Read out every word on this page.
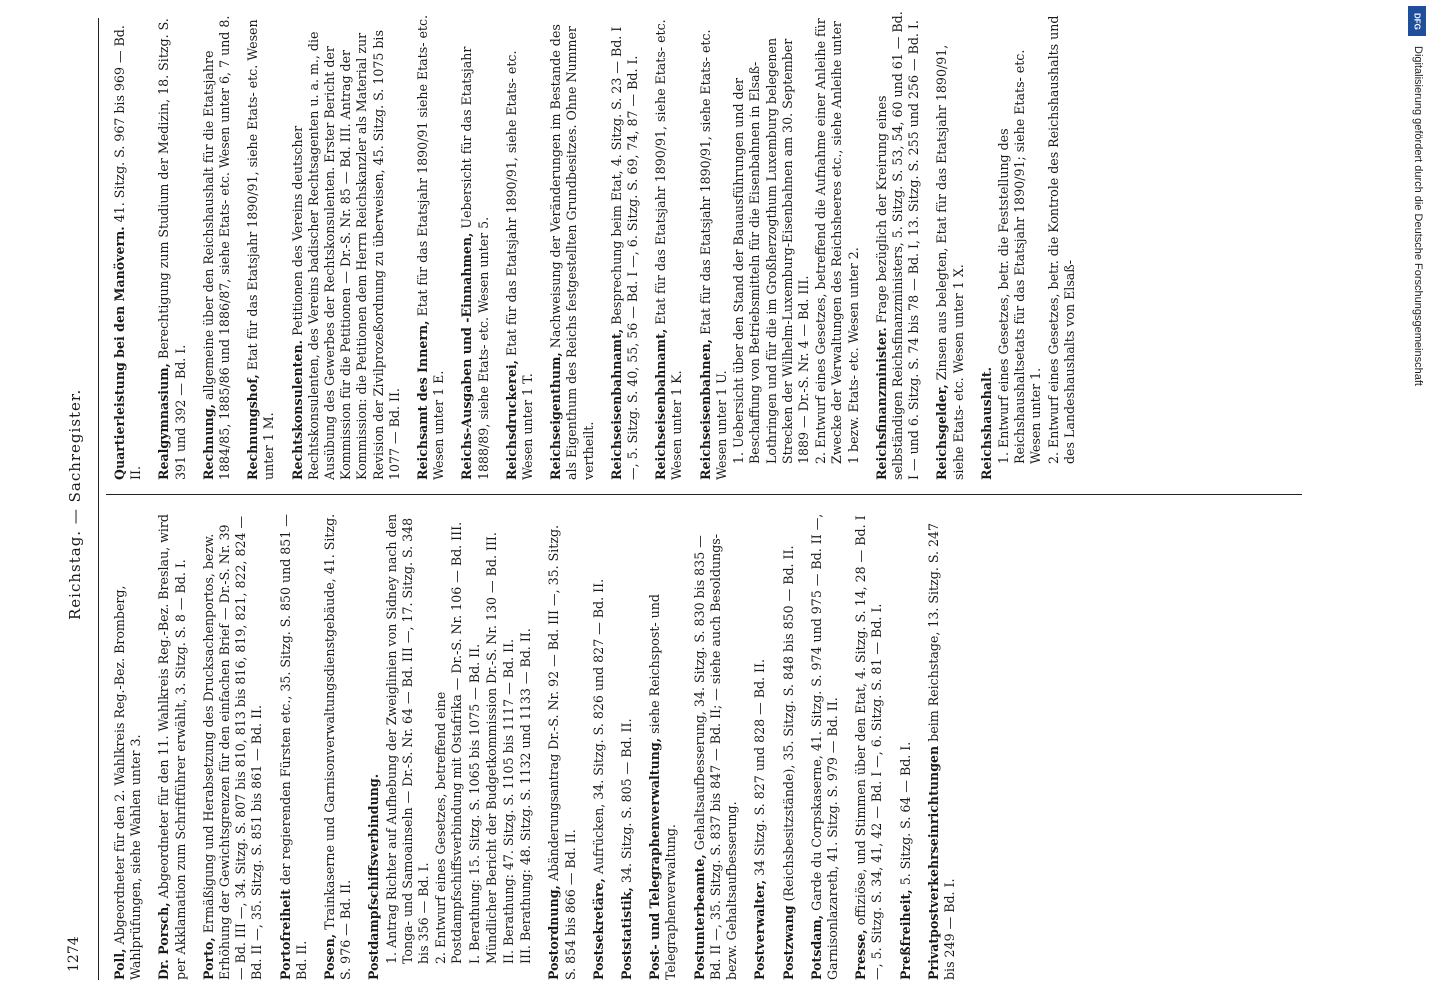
1274
Reichstag. — Sachregister.
Poll, Abgeordneter für den 2. Wahlkreis Reg.-Bez. Bromberg, Wahlprüfungen, siehe Wahlen unter 3. Dr. Porsch, Abgeordneter für den 11. Wahlkreis Reg.-Bez. Breslau, wird per Akklamation zum Schriftführer erwählt, 3. Sitzg. S. 8 — Bd. I. Porto, Ermäßigung und Herabsetzung des Drucksachenportos, bezw. Erhöhung der Gewichtsgrenzen für den einfachen Brief — Dr.-S. Nr. 39 — Bd. III —, 34. Sitzg. S. 807 bis 810, 813 bis 816, 819, 821, 822, 824 — Bd. II —, 35. Sitzg. S. 851 bis 861 — Bd. II. Portofreiheit der regierenden Fürsten etc., 35. Sitzg. S. 850 und 851 — Bd. II. Posen, Trainkaserne und Garnisonverwaltungsdienstgebäude, 41. Sitzg. S. 976 — Bd. II. Postdampfschiffsverbindung. 1. Antrag Richter auf Aufhebung der Zweiglinien von Sidney nach den Tonga- und Samoainseln — Dr.-S. Nr. 64 — Bd. III —, 17. Sitzg. S. 348 bis 356 — Bd. I. 2. Entwurf eines Gesetzes, betreffend eine Postdampfschiffsverbindung mit Ostafrika — Dr.-S. Nr. 106 — Bd. III. I. Berathung: 15. Sitzg. S. 1065 bis 1075 — Bd. II. Mündlicher Bericht der Budgetkommission Dr.-S. Nr. 130 — Bd. III. II. Berathung: 47. Sitzg. S. 1105 bis 1117 — Bd. II. III. Berathung: 48. Sitzg. S. 1132 und 1133 — Bd. II. Postordnung, Abänderungsantrag Dr.-S. Nr. 92 — Bd. III —, 35. Sitzg. S. 854 bis 866 — Bd. II. Postsekretäre, Aufrücken, 34. Sitzg. S. 826 und 827 — Bd. II.
Poststatistik, 34. Sitzg. S. 805 — Bd. II. Post- und Telegraphenverwaltung, siehe Reichspost- und Telegraphenverwaltung. Postunterbeamte, Gehaltsaufbesserung, 34. Sitzg. S. 830 bis 835 — Bd. II —, 35. Sitzg. S. 837 bis 847 — Bd. II; — siehe auch Besoldungs- bezw. Gehaltsaufbesserung. Postverwalter, 34 Sitzg. S. 827 und 828 — Bd. II.
Postzwang (Reichsbesitzstände), 35. Sitzg. S. 848 bis 850 — Bd. II.
Potsdam, Garde du Corpskaserne, 41. Sitzg. S. 974 und 975 — Bd. II —, Garnisonlazareth, 41. Sitzg. S. 979 — Bd. II. Presse, offiziöse, und Stimmen über den Etat, 4. Sitzg. S. 14, 28 — Bd. I —, 5. Sitzg. S. 34, 41, 42 — Bd. I —, 6. Sitzg. S. 81 — Bd. I. Preßfreiheit, 5. Sitzg. S. 64 — Bd. I. Privatpostverkehrseinrichtungen beim Reichstage, 13. Sitzg. S. 247 bis 249 — Bd. I.
Quartierleistung bei den Manövern. 41. Sitzg. S. 967 bis 969 — Bd. II. Realgymnasium, Berechtigung zum Studium der Medizin, 18. Sitzg. S. 391 und 392 — Bd. I. Rechnung, allgemeine über den Reichshaushalt für die Etatsjahre 1884/85, 1885/86 und 1886/87, siehe Etats- etc. Wesen unter 6, 7 und 8. Rechnungshof, Etat für das Etatsjahr 1890/91, siehe Etats- etc. Wesen unter 1 M. Rechtskonsulenten. Petitionen des Vereins deutscher Rechtskonsulenten, des Vereins badischer Rechtsagenten u. a. m., die Ausübung des Gewerbes der Rechtskonsulenten. Erster Bericht der Kommission für die Petitionen — Dr.-S. Nr. 85 — Bd. III. Antrag der Kommission: die Petitionen dem Herrn Reichskanzler als Material zur Revision der Zivilprozeßordnung zu überweisen, 45. Sitzg. S. 1075 bis 1077 — Bd. II. Reichsamt des Innern, Etat für das Etatsjahr 1890/91 siehe Etats- etc. Wesen unter 1 E. Reichs-Ausgaben und -Einnahmen, Uebersicht für das Etatsjahr 1888/89, siehe Etats- etc. Wesen unter 5. Reichsdruckerei, Etat für das Etatsjahr 1890/91, siehe Etats- etc. Wesen unter 1 T. Reichseigenthum, Nachweisung der Veränderungen im Bestande des als Eigenthum des Reichs festgestellten Grundbesitzes. Ohne Nummer vertheilt. Reichseisenbahnamt, Besprechung beim Etat, 4. Sitzg. S. 23 — Bd. I —, 5. Sitzg. S. 40, 55, 56 — Bd. I —, 6. Sitzg. S. 69, 74, 87 — Bd. I. Reichseisenbahnamt, Etat für das Etatsjahr 1890/91, siehe Etats- etc. Wesen unter 1 K. Reichseisenbahnen, Etat für das Etatsjahr 1890/91, siehe Etats- etc. Wesen unter 1 U. 1. Uebersicht über den Stand der Bauausführungen und der Beschaffung von Betriebsmitteln für die Eisenbahnen in Elsaß-Lothringen und für die im Großherzogthum Luxemburg belegenen Strecken der Wilhelm-Luxemburg-Eisenbahnen am 30. September 1889 — Dr.-S. Nr. 4 — Bd. III. 2. Entwurf eines Gesetzes, betreffend die Aufnahme einer Anleihe für Zwecke der Verwaltungen des Reichsheeres etc., siehe Anleihe unter 1 bezw. Etats- etc. Wesen unter 2. Reichsfinanzminister. Frage bezüglich der Kreirung eines selbständigen Reichsfinanzministers, 5. Sitzg. S. 53, 54, 60 und 61 — Bd. I — und 6. Sitzg. S. 74 bis 78 — Bd. I, 13. Sitzg. S. 255 und 256 — Bd. I. Reichsgelder, Zinsen aus belegten, Etat für das Etatsjahr 1890/91, siehe Etats- etc. Wesen unter 1 X. Reichshaushalt. 1. Entwurf eines Gesetzes, betr. die Feststellung des Reichshaushaltsetats für das Etatsjahr 1890/91; siehe Etats- etc. Wesen unter 1. 2. Entwurf eines Gesetzes, betr. die Kontrole des Reichshaushalts und des Landeshaushalts von Elsaß-
DFG
Digitalisierung gefördert durch die Deutsche Forschungsgemeinschaft
